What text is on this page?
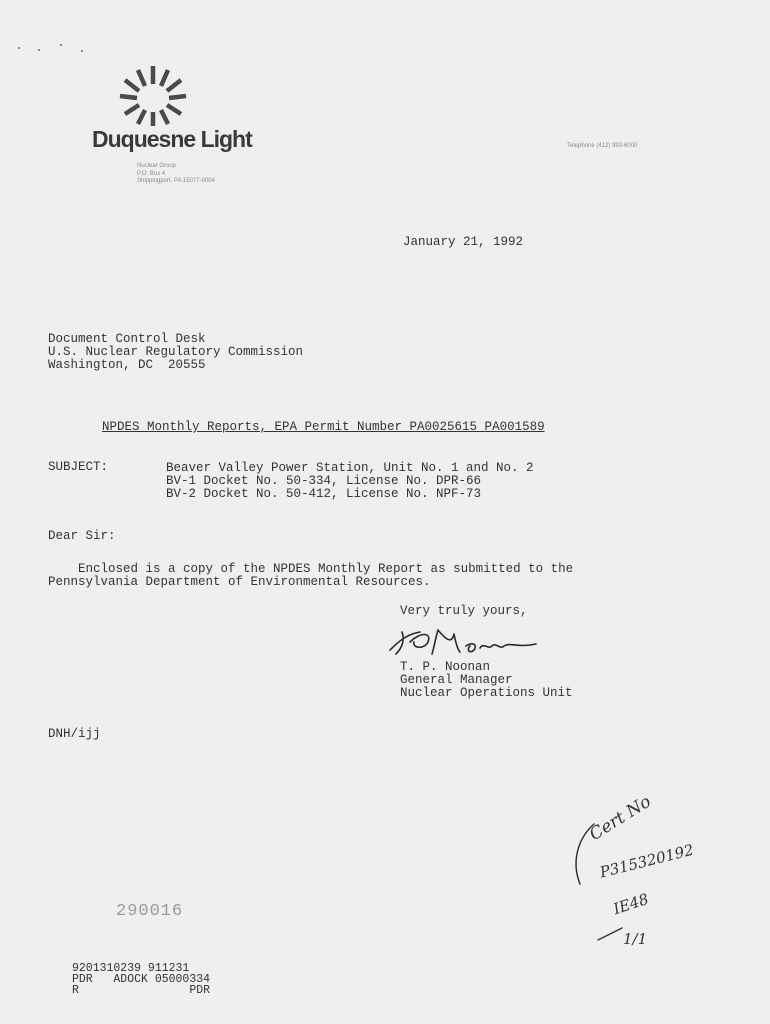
Duquesne Light
Nuclear Group
P.O. Box 4
Shippingport, PA 15077-0004
Telephone (412) 393-6000
January 21, 1992
Document Control Desk
U.S. Nuclear Regulatory Commission
Washington, DC  20555
NPDES Monthly Reports, EPA Permit Number PA0025615 PA001589
SUBJECT:	Beaver Valley Power Station, Unit No. 1 and No. 2
BV-1 Docket No. 50-334, License No. DPR-66
BV-2 Docket No. 50-412, License No. NPF-73
Dear Sir:
Enclosed is a copy of the NPDES Monthly Report as submitted to the
Pennsylvania Department of Environmental Resources.
Very truly yours,
T. P. Noonan
General Manager
Nuclear Operations Unit
DNH/ijj
Cert No
P315320192
IE48
1/1
290016
9201310239 911231
PDR   ADOCK 05000334
R                PDR
